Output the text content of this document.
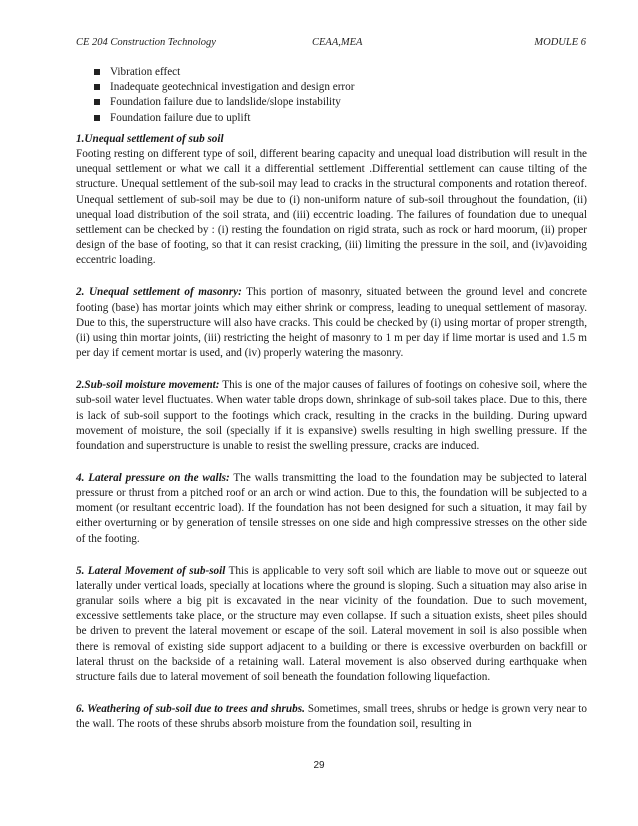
CE 204 Construction Technology	CEAA,MEA	MODULE 6
Vibration effect
Inadequate geotechnical investigation and design error
Foundation failure due to landslide/slope instability
Foundation failure due to uplift
1.Unequal settlement of sub soil

Footing resting on different type of soil, different bearing capacity and unequal load distribution will result in the unequal settlement or what we call it a differential settlement .Differential settlement can cause tilting of the structure. Unequal settlement of the sub-soil may lead to cracks in the structural components and rotation thereof. Unequal settlement of sub-soil may be due to (i) non-uniform nature of sub-soil throughout the foundation, (ii) unequal load distribution of the soil strata, and (iii) eccentric loading. The failures of foundation due to unequal settlement can be checked by : (i) resting the foundation on rigid strata, such as rock or hard moorum, (ii) proper design of the base of footing, so that it can resist cracking, (iii) limiting the pressure in the soil, and (iv)avoiding eccentric loading.

2. Unequal settlement of masonry: This portion of masonry, situated between the ground level and concrete footing (base) has mortar joints which may either shrink or compress, leading to unequal settlement of masoray. Due to this, the superstructure will also have cracks. This could be checked by (i) using mortar of proper strength, (ii) using thin mortar joints, (iii) restricting the height of masonry to 1 m per day if lime mortar is used and 1.5 m per day if cement mortar is used, and (iv) properly watering the masonry.

2.Sub-soil moisture movement: This is one of the major causes of failures of footings on cohesive soil, where the sub-soil water level fluctuates. When water table drops down, shrinkage of sub-soil takes place. Due to this, there is lack of sub-soil support to the footings which crack, resulting in the cracks in the building. During upward movement of moisture, the soil (specially if it is expansive) swells resulting in high swelling pressure. If the foundation and superstructure is unable to resist the swelling pressure, cracks are induced.

4. Lateral pressure on the walls: The walls transmitting the load to the foundation may be subjected to lateral pressure or thrust from a pitched roof or an arch or wind action. Due to this, the foundation will be subjected to a moment (or resultant eccentric load). If the foundation has not been designed for such a situation, it may fail by either overturning or by generation of tensile stresses on one side and high compressive stresses on the other side of the footing.

5. Lateral Movement of sub-soil This is applicable to very soft soil which are liable to move out or squeeze out laterally under vertical loads, specially at locations where the ground is sloping. Such a situation may also arise in granular soils where a big pit is excavated in the near vicinity of the foundation. Due to such movement, excessive settlements take place, or the structure may even collapse. If such a situation exists, sheet piles should be driven to prevent the lateral movement or escape of the soil. Lateral movement in soil is also possible when there is removal of existing side support adjacent to a building or there is excessive overburden on backfill or lateral thrust on the backside of a retaining wall. Lateral movement is also observed during earthquake when structure fails due to lateral movement of soil beneath the foundation following liquefaction.

6. Weathering of sub-soil due to trees and shrubs. Sometimes, small trees, shrubs or hedge is grown very near to the wall. The roots of these shrubs absorb moisture from the foundation soil, resulting in

29
